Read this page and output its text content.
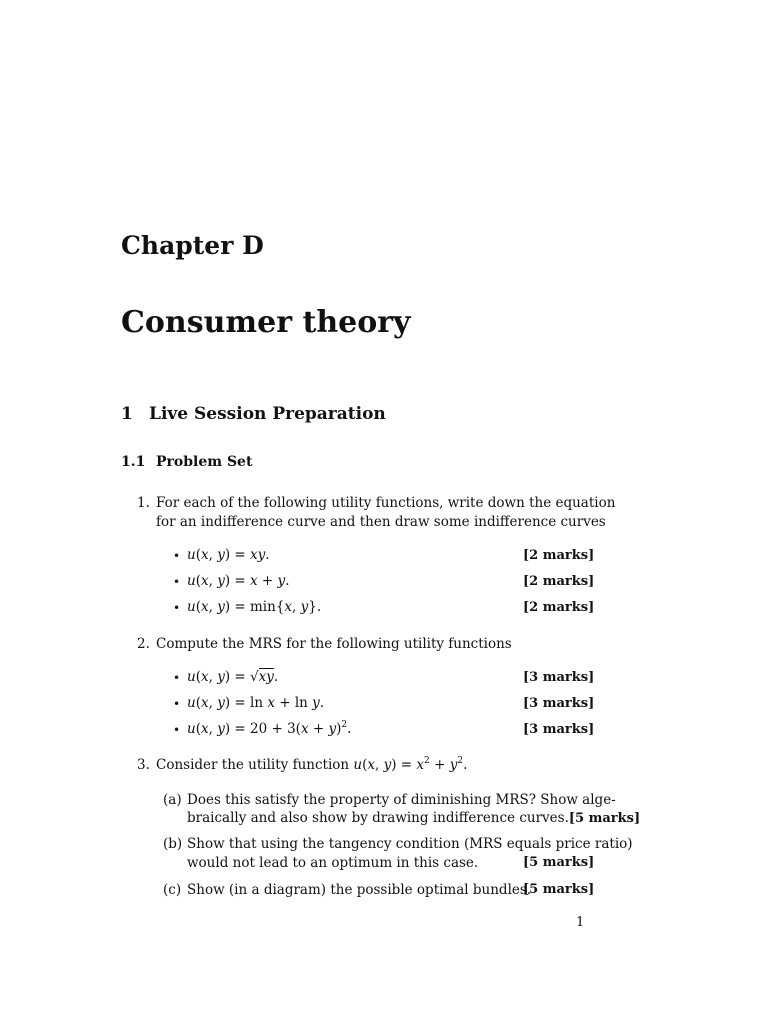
Chapter D
Consumer theory
1 Live Session Preparation
1.1 Problem Set
1. For each of the following utility functions, write down the equation
for an indifference curve and then draw some indifference curves
• u(x, y) = xy.	[2 marks]
• u(x, y) = x + y.	[2 marks]
• u(x, y) = min{x, y}.	[2 marks]
2. Compute the MRS for the following utility functions
• u(x, y) = √xy.	[3 marks]
• u(x, y) = ln x + ln y.	[3 marks]
• u(x, $y) = 20 + 3(x + y)^2$.	[3 marks]
3. Consider the utility function u(x, $y) = x^2 + y^2$.
(a) Does this satisfy the property of diminishing MRS? Show alge-
braically and also show by drawing indifference curves.[5 marks]
(b) Show that using the tangency condition (MRS equals price ratio)
would not lead to an optimum in this case.	[5 marks]
(c) Show (in a diagram) the possible optimal bundles.
[5 marks]
1
